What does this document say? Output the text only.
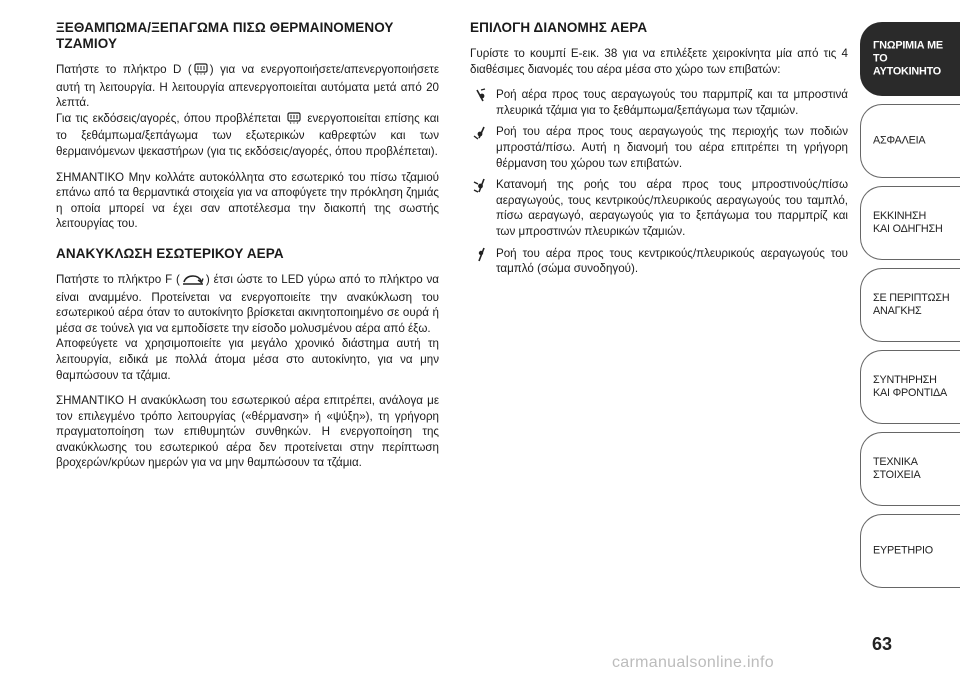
ΞΕΘΑΜΠΩΜΑ/ΞΕΠΑΓΩΜΑ ΠΙΣΩ ΘΕΡΜΑΙΝΟΜΕΝΟΥ ΤΖΑΜΙΟΥ

Πατήστε το πλήκτρο D ( ) για να ενεργοποιήσετε/απενεργοποιήσετε αυτή τη λειτουργία. Η λειτουργία απενεργοποιείται αυτόματα μετά από 20 λεπτά.

Για τις εκδόσεις/αγορές, όπου προβλέπεται  ενεργοποιείται επίσης και το ξεθάμπωμα/ξεπάγωμα των εξωτερικών καθρεφτών και των θερμαινόμενων ψεκαστήρων (για τις εκδόσεις/αγορές, όπου προβλέπεται).

ΣΗΜΑΝΤΙΚΟ Μην κολλάτε αυτοκόλλητα στο εσωτερικό του πίσω τζαμιού επάνω από τα θερμαντικά στοιχεία για να αποφύγετε την πρόκληση ζημιάς η οποία μπορεί να έχει σαν αποτέλεσμα την διακοπή της σωστής λειτουργίας του.

ΑΝΑΚΥΚΛΩΣΗ ΕΣΩΤΕΡΙΚΟΥ ΑΕΡΑ

Πατήστε το πλήκτρο F ( ) έτσι ώστε το LED γύρω από το πλήκτρο να είναι αναμμένο. Προτείνεται να ενεργοποιείτε την ανακύκλωση του εσωτερικού αέρα όταν το αυτοκίνητο βρίσκεται ακινητοποιημένο σε ουρά ή μέσα σε τούνελ για να εμποδίσετε την είσοδο μολυσμένου αέρα από έξω.

Αποφεύγετε να χρησιμοποιείτε για μεγάλο χρονικό διάστημα αυτή τη λειτουργία, ειδικά με πολλά άτομα μέσα στο αυτοκίνητο, για να μην θαμπώσουν τα τζάμια.

ΣΗΜΑΝΤΙΚΟ Η ανακύκλωση του εσωτερικού αέρα επιτρέπει, ανάλογα με τον επιλεγμένο τρόπο λειτουργίας («θέρμανση» ή «ψύξη»), τη γρήγορη πραγματοποίηση των επιθυμητών συνθηκών. Η ενεργοποίηση της ανακύκλωσης του εσωτερικού αέρα δεν προτείνεται στην περίπτωση βροχερών/κρύων ημερών για να μην θαμπώσουν τα τζάμια.

ΕΠΙΛΟΓΗ ΔΙΑΝΟΜΗΣ ΑΕΡΑ

Γυρίστε το κουμπί E-εικ. 38 για να επιλέξετε χειροκίνητα μία από τις 4 διαθέσιμες διανομές του αέρα μέσα στο χώρο των επιβατών:

Ροή αέρα προς τους αεραγωγούς του παρμπρίζ και τα μπροστινά πλευρικά τζάμια για το ξεθάμπωμα/ξεπάγωμα των τζαμιών.

Ροή του αέρα προς τους αεραγωγούς της περιοχής των ποδιών μπροστά/πίσω. Αυτή η διανομή του αέρα επιτρέπει τη γρήγορη θέρμανση του χώρου των επιβατών.

Κατανομή της ροής του αέρα προς τους μπροστινούς/πίσω αεραγωγούς, τους κεντρικούς/πλευρικούς αεραγωγούς του ταμπλό, πίσω αεραγωγό, αεραγωγούς για το ξεπάγωμα του παρμπρίζ και των μπροστινών πλευρικών τζαμιών.

Ροή του αέρα προς τους κεντρικούς/πλευρικούς αεραγωγούς του ταμπλό (σώμα συνοδηγού).

ΓΝΩΡΙΜΙΑ ΜΕ ΤΟ
ΑΥΤΟΚΙΝΗΤΟ
ΑΣΦΑΛΕΙΑ
ΕΚΚΙΝΗΣΗ
ΚΑΙ ΟΔΗΓΗΣΗ
ΣΕ ΠΕΡΙΠΤΩΣΗ
ΑΝΑΓΚΗΣ
ΣΥΝΤΗΡΗΣΗ
ΚΑΙ ΦΡΟΝΤΙΔΑ
ΤΕΧΝΙΚΑ
ΣΤΟΙΧΕΙΑ
ΕΥΡΕΤΗΡΙΟ
63
carmanualsonline.info
